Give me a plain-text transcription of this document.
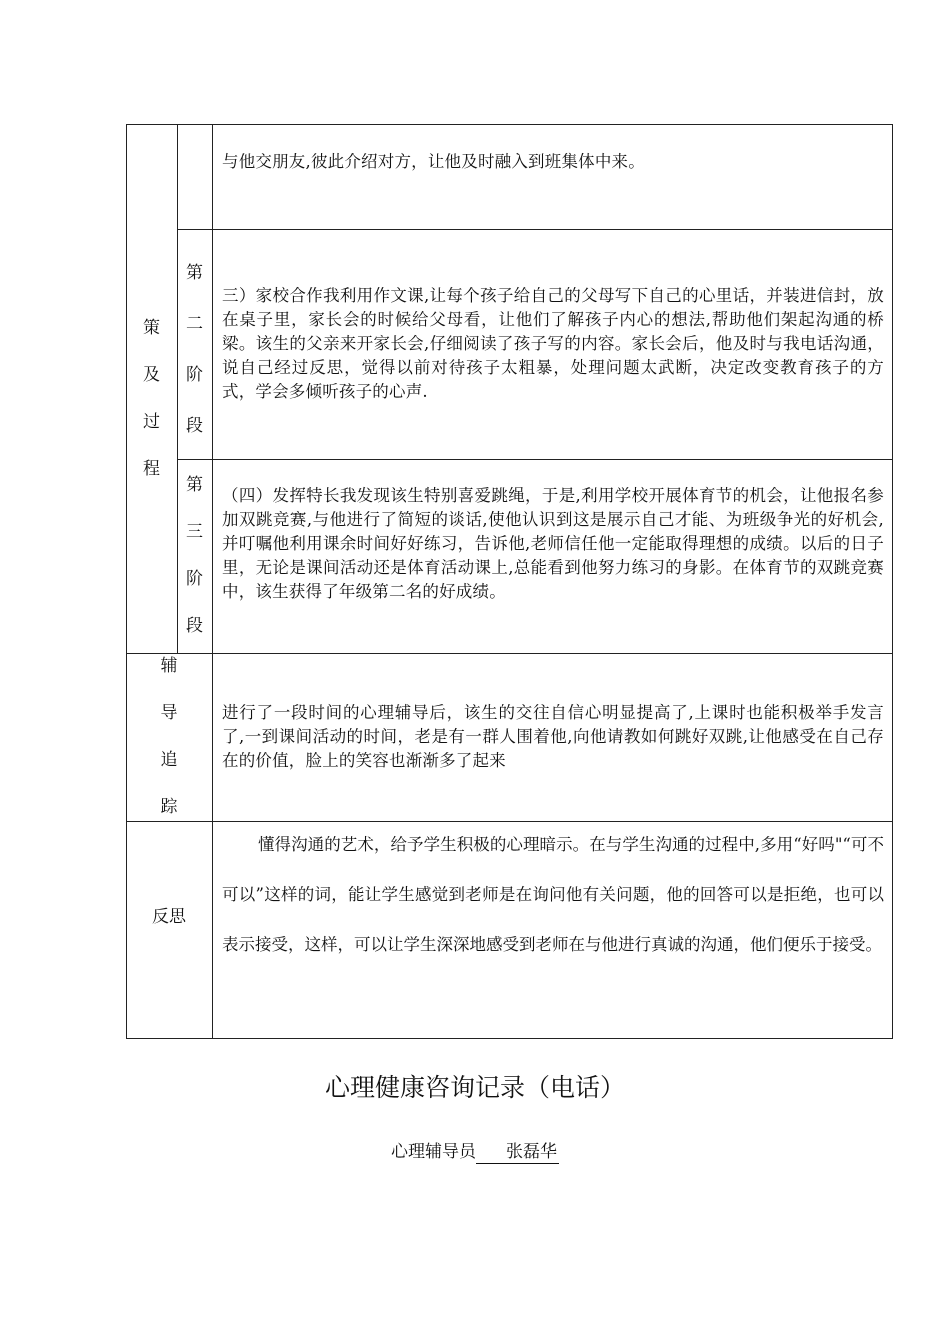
策
及
过
程
与他交朋友,彼此介绍对方，让他及时融入到班集体中来。
第
二
阶
段
三）家校合作我利用作文课,让每个孩子给自己的父母写下自己的心里话，并装进信封，放在桌子里，家长会的时候给父母看，让他们了解孩子内心的想法,帮助他们架起沟通的桥梁。该生的父亲来开家长会,仔细阅读了孩子写的内容。家长会后，他及时与我电话沟通，说自己经过反思，觉得以前对待孩子太粗暴，处理问题太武断，决定改变教育孩子的方式，学会多倾听孩子的心声.
第
三
阶
段
（四）发挥特长我发现该生特别喜爱跳绳，于是,利用学校开展体育节的机会，让他报名参加双跳竞赛,与他进行了简短的谈话,使他认识到这是展示自己才能、为班级争光的好机会,并叮嘱他利用课余时间好好练习，告诉他,老师信任他一定能取得理想的成绩。以后的日子里，无论是课间活动还是体育活动课上,总能看到他努力练习的身影。在体育节的双跳竞赛中，该生获得了年级第二名的好成绩。
辅
导
追
踪
进行了一段时间的心理辅导后，该生的交往自信心明显提高了,上课时也能积极举手发言了,一到课间活动的时间，老是有一群人围着他,向他请教如何跳好双跳,让他感受在自己存在的价值，脸上的笑容也渐渐多了起来
反思
懂得沟通的艺术，给予学生积极的心理暗示。在与学生沟通的过程中,多用“好吗"“可不可以”这样的词，能让学生感觉到老师是在询问他有关问题，他的回答可以是拒绝，也可以表示接受，这样，可以让学生深深地感受到老师在与他进行真诚的沟通，他们便乐于接受。
心理健康咨询记录（电话）
心理辅导员 张磊华
